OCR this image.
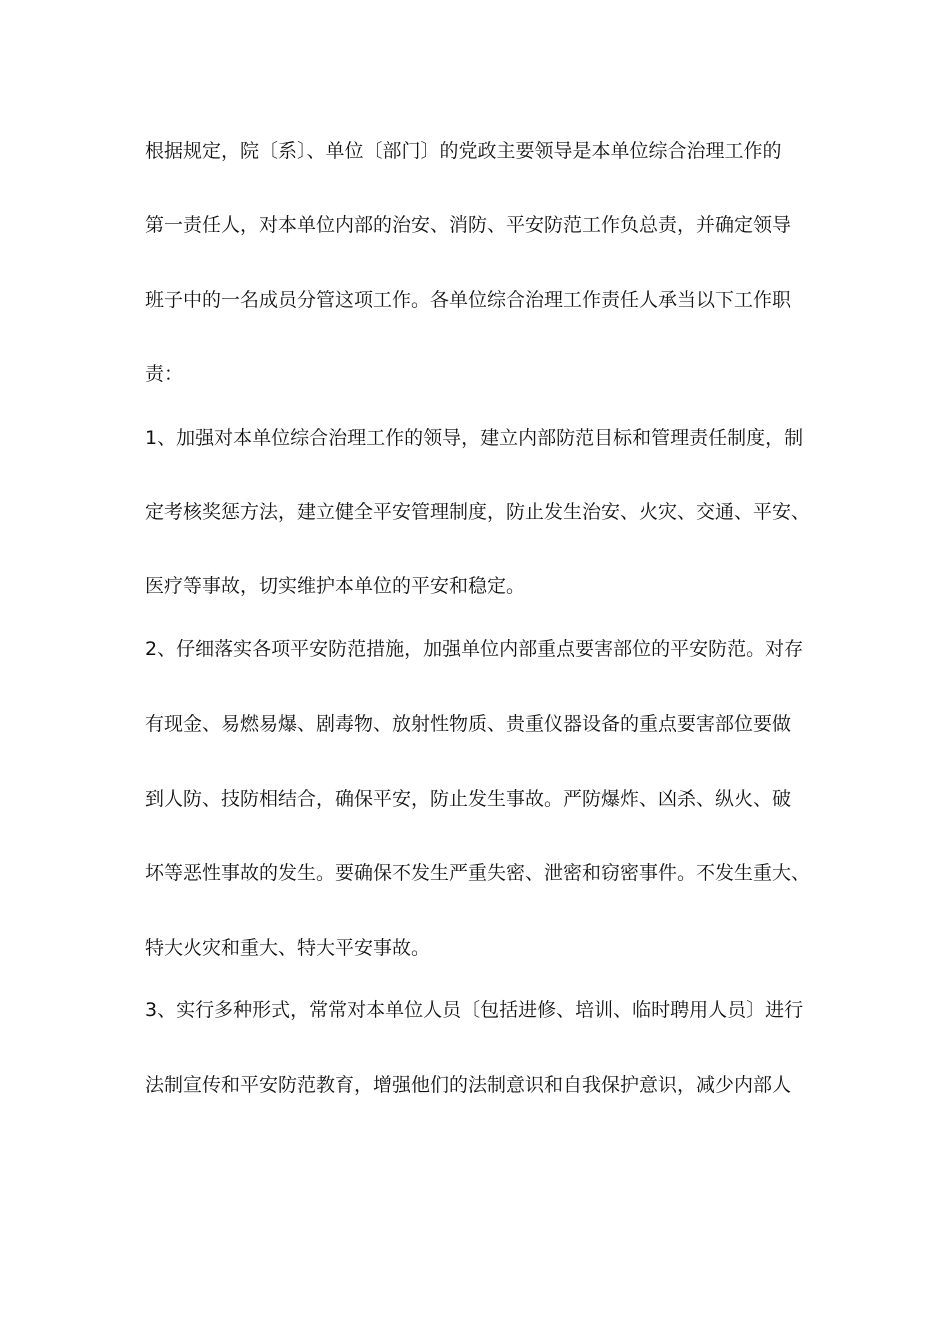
根据规定，院〔系〕、单位〔部门〕的党政主要领导是本单位综合治理工作的
第一责任人，对本单位内部的治安、消防、平安防范工作负总责，并确定领导
班子中的一名成员分管这项工作。各单位综合治理工作责任人承当以下工作职
责：
1、加强对本单位综合治理工作的领导，建立内部防范目标和管理责任制度，制
定考核奖惩方法，建立健全平安管理制度，防止发生治安、火灾、交通、平安、
医疗等事故，切实维护本单位的平安和稳定。
2、仔细落实各项平安防范措施，加强单位内部重点要害部位的平安防范。对存
有现金、易燃易爆、剧毒物、放射性物质、贵重仪器设备的重点要害部位要做
到人防、技防相结合，确保平安，防止发生事故。严防爆炸、凶杀、纵火、破
坏等恶性事故的发生。要确保不发生严重失密、泄密和窃密事件。不发生重大、
特大火灾和重大、特大平安事故。
3、实行多种形式，常常对本单位人员〔包括进修、培训、临时聘用人员〕进行
法制宣传和平安防范教育，增强他们的法制意识和自我保护意识，减少内部人
